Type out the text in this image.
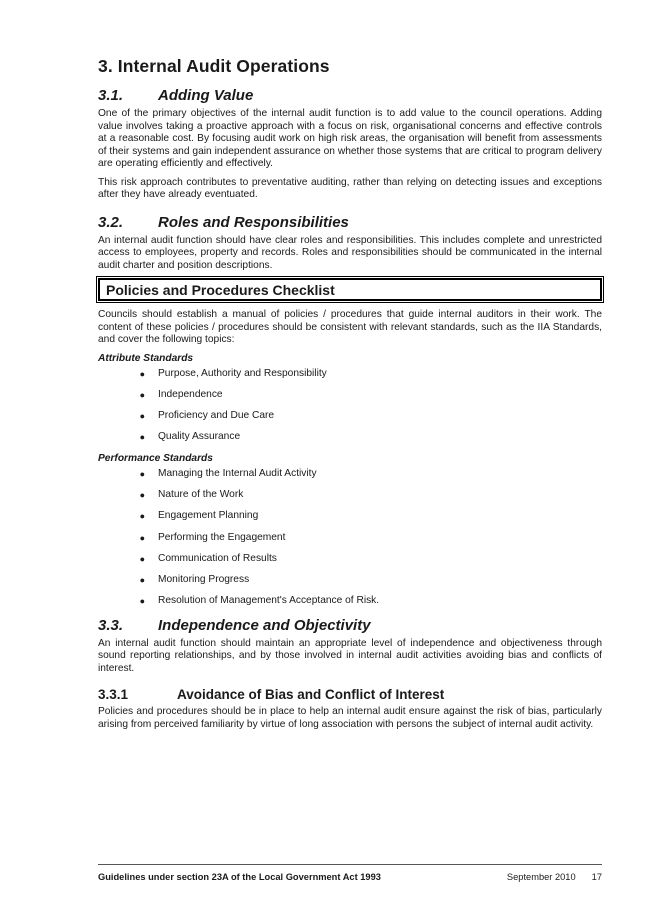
3. Internal Audit Operations
3.1.	Adding Value

One of the primary objectives of the internal audit function is to add value to the council operations. Adding value involves taking a proactive approach with a focus on risk, organisational concerns and effective controls at a reasonable cost. By focusing audit work on high risk areas, the organisation will benefit from assessments of their systems and gain independent assurance on whether those systems that are critical to program delivery are operating efficiently and effectively.

This risk approach contributes to preventative auditing, rather than relying on detecting issues and exceptions after they have already eventuated.

3.2.	Roles and Responsibilities

An internal audit function should have clear roles and responsibilities. This includes complete and unrestricted access to employees, property and records. Roles and responsibilities should be communicated in the internal audit charter and position descriptions.

Policies and Procedures Checklist

Councils should establish a manual of policies / procedures that guide internal auditors in their work. The content of these policies / procedures should be consistent with relevant standards, such as the IIA Standards, and cover the following topics:

Attribute Standards
●	Purpose, Authority and Responsibility
●	Independence
●	Proficiency and Due Care
●	Quality Assurance
Performance Standards
●	Managing the Internal Audit Activity
●	Nature of the Work
●	Engagement Planning
●	Performing the Engagement
●	Communication of Results
●	Monitoring Progress
●	Resolution of Management's Acceptance of Risk.
3.3.	Independence and Objectivity

An internal audit function should maintain an appropriate level of independence and objectiveness through sound reporting relationships, and by those involved in internal audit activities avoiding bias and conflicts of interest.

3.3.1	Avoidance of Bias and Conflict of Interest

Policies and procedures should be in place to help an internal audit ensure against the risk of bias, particularly arising from perceived familiarity by virtue of long association with persons the subject of internal audit activity.

Guidelines under section 23A of the Local Government Act 1993	September 2010 17
